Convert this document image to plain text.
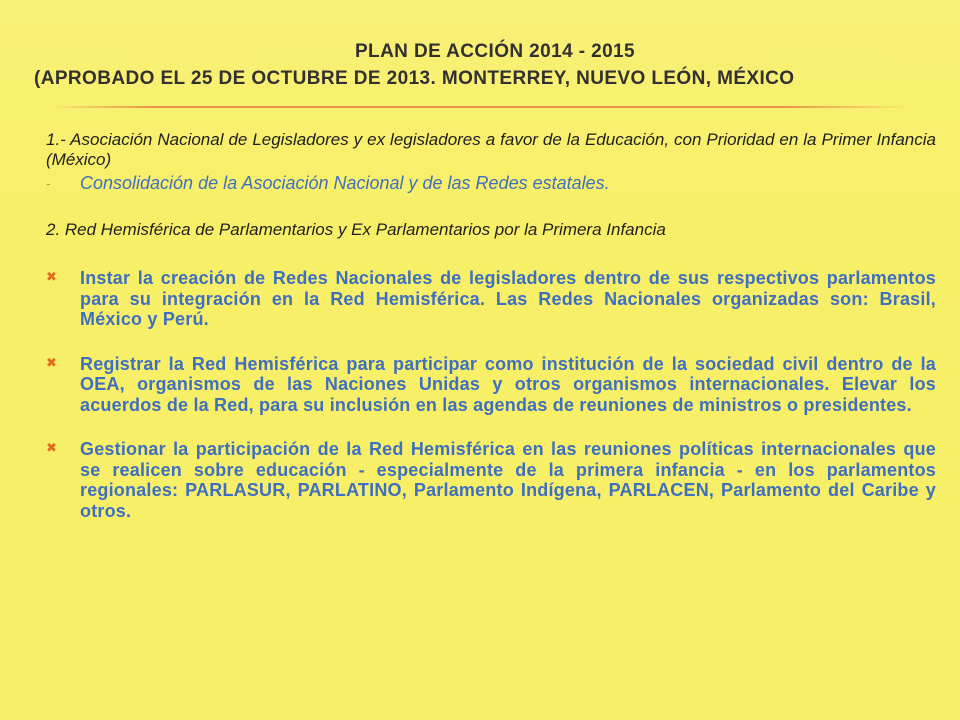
PLAN DE ACCIÓN 2014 - 2015
(APROBADO EL 25 DE OCTUBRE DE 2013. MONTERREY, NUEVO LEÓN, MÉXICO
1.- Asociación Nacional de Legisladores y ex legisladores a favor de la Educación, con Prioridad en la Primer Infancia (México)
- Consolidación de la Asociación Nacional y de las Redes estatales.
2. Red Hemisférica de Parlamentarios y Ex Parlamentarios por la Primera Infancia
✖ Instar la creación de Redes Nacionales de legisladores dentro de sus respectivos parlamentos para su integración en la Red Hemisférica. Las Redes Nacionales organizadas son: Brasil, México y Perú.
✖ Registrar la Red Hemisférica para participar como institución de la sociedad civil dentro de la OEA, organismos de las Naciones Unidas y otros organismos internacionales. Elevar los acuerdos de la Red, para su inclusión en las agendas de reuniones de ministros o presidentes.
✖ Gestionar la participación de la Red Hemisférica en las reuniones políticas internacionales que se realicen sobre educación - especialmente de la primera infancia - en los parlamentos regionales: PARLASUR, PARLATINO, Parlamento Indígena, PARLACEN, Parlamento del Caribe y otros.
